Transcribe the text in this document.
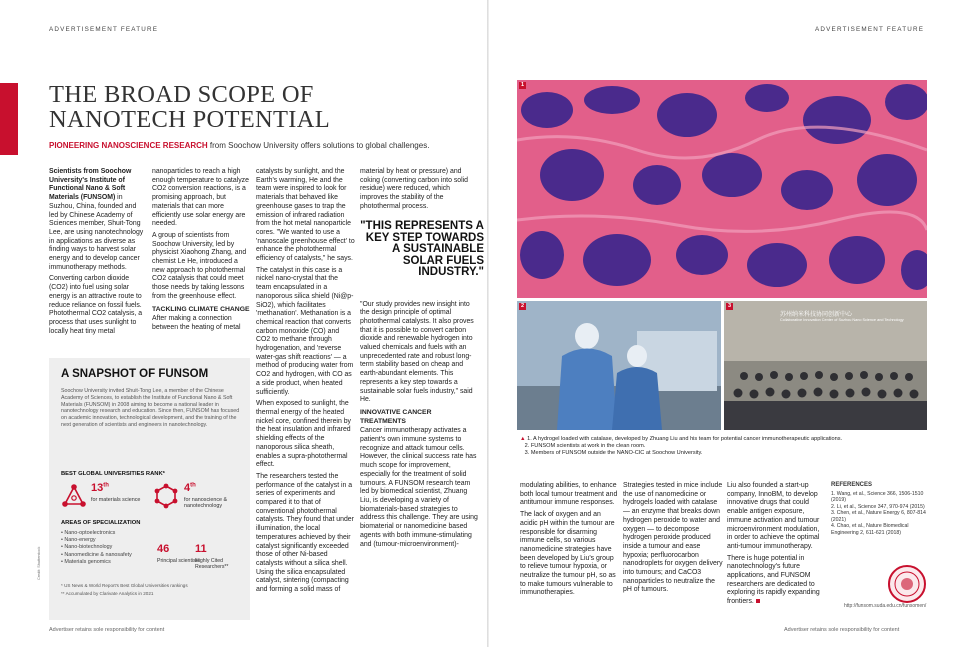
ADVERTISEMENT FEATURE	ADVERTISEMENT FEATURE
THE BROAD SCOPE OF
NANOTECH POTENTIAL

PIONEERING NANOSCIENCE RESEARCH from Soochow University offers solutions to global challenges.

Scientists from Soochow University's Institute of Functional Nano & Soft Materials (FUNSOM) in Suzhou, China, founded and led by Chinese Academy of Sciences member, Shuit-Tong Lee, are using nanotechnology in applications as diverse as finding ways to harvest solar energy and to develop cancer immunotherapy methods.

Converting carbon dioxide (CO2) into fuel using solar energy is an attractive route to reduce reliance on fossil fuels. Photothermal CO2 catalysis, a process that uses sunlight to locally heat tiny metal

nanoparticles to reach a high enough temperature to catalyze CO2 conversion reactions, is a promising approach, but materials that can more efficiently use solar energy are needed.

A group of scientists from Soochow University, led by physicist Xiaohong Zhang, and chemist Le He, introduced a new approach to photothermal CO2 catalysis that could meet those needs by taking lessons from the greenhouse effect.

TACKLING CLIMATE CHANGE

After making a connection between the heating of metal

catalysts by sunlight, and the Earth's warming, He and the team were inspired to look for materials that behaved like greenhouse gases to trap the emission of infrared radiation from the hot metal nanoparticle cores. "We wanted to use a 'nanoscale greenhouse effect' to enhance the photothermal efficiency of catalysts," he says.

The catalyst in this case is a nickel nano-crystal that the team encapsulated in a nanoporous silica shield (Ni@p-SiO2), which facilitates 'methanation'. Methanation is a chemical reaction that converts carbon monoxide (CO) and CO2 to methane through hydrogenation, and 'reverse water-gas shift reactions' — a method of producing water from CO2 and hydrogen, with CO as a side product, when heated sufficiently.

When exposed to sunlight, the thermal energy of the heated nickel core, confined therein by the heat insulation and infrared shielding effects of the nanoporous silica sheath, enables a supra-photothermal effect.

The researchers tested the performance of the catalyst in a series of experiments and compared it to that of conventional photothermal catalysts. They found that under illumination, the local temperatures achieved by their catalyst significantly exceeded those of other Ni-based catalysts without a silica shell. Using the silica encapsulated catalyst, sintering (compacting and forming a solid mass of

material by heat or pressure) and coking (converting carbon into solid residue) were reduced, which improves the stability of the photothermal process.

"Our study provides new insight into the design principle of optimal photothermal catalysts. It also proves that it is possible to convert carbon dioxide and renewable hydrogen into valued chemicals and fuels with an unprecedented rate and robust long-term stability based on cheap and earth-abundant elements. This represents a key step towards a sustainable solar fuels industry," said He.

INNOVATIVE CANCER TREATMENTS

Cancer immunotherapy activates a patient's own immune systems to recognize and attack tumour cells. However, the clinical success rate has much scope for improvement, especially for the treatment of solid tumours. A FUNSOM research team led by biomedical scientist, Zhuang Liu, is developing a variety of biomaterials-based strategies to address this challenge. They are using biomaterial or nanomedicine based agents with both immune-stimulating and (tumour-microenvironment)-

"THIS REPRESENTS A KEY STEP TOWARDS A SUSTAINABLE SOLAR FUELS INDUSTRY."
A SNAPSHOT OF FUNSOM

Soochow University invited Shuit-Tong Lee, a member of the Chinese Academy of Sciences, to establish the Institute of Functional Nano & Soft Materials (FUNSOM) in 2008 aiming to become a national leader in nanotechnology research and education. Since then, FUNSOM has focused on academic innovation, technological development, and the training of the next generation of scientists and engineers in nanotechnology.

BEST GLOBAL UNIVERSITIES RANK*
13th
for materials science
4th
for nanoscience & nanotechnology
AREAS OF SPECIALIZATION
• Nano-optoelectronics
• Nano-energy
• Nano-biotechnology
• Nanomedicine & nanosafety
• Materials genomics
46
Principal scientists
11
Highly Cited Researchers**

* US News & World Report's Best Global Universities rankings

** Accumulated by Clarivate Analytics in 2021

Credit: Shutterstock
1
2
苏州纳米科技协同创新中心
Collaborative Innovation Center of Suzhou Nano Science and Technology
3
▲ 1. A hydrogel loaded with catalase, developed by Zhuang Liu and his team for potential cancer immunotherapeutic applications.
2. FUNSOM scientists at work in the clean room.
3. Members of FUNSOM outside the NANO-CIC at Soochow University.

modulating abilities, to enhance both local tumour treatment and antitumour immune responses.

The lack of oxygen and an acidic pH within the tumour are responsible for disarming immune cells, so various nanomedicine strategies have been developed by Liu's group to relieve tumour hypoxia, or neutralize the tumour pH, so as to make tumours vulnerable to immunotherapies.

Strategies tested in mice include the use of nanomedicine or hydrogels loaded with catalase — an enzyme that breaks down hydrogen peroxide to water and oxygen — to decompose hydrogen peroxide produced inside a tumour and ease hypoxia; perfluorocarbon nanodroplets for oxygen delivery into tumours; and CaCO3 nanoparticles to neutralize the pH of tumours.

Liu also founded a start-up company, InnoBM, to develop innovative drugs that could enable antigen exposure, immune activation and tumour microenvironment modulation, in order to achieve the optimal anti-tumour immunotherapy.

There is huge potential in nanotechnology's future applications, and FUNSOM researchers are dedicated to exploring its rapidly expanding frontiers.

REFERENCES
1. Wang, et al., Science 366, 1506-1510 (2019)
2. Li, et al., Science 347, 970-974 (2015)
3. Chen, et al., Nature Energy 6, 807-814 (2021)
4. Chao, et al., Nature Biomedical Engineering 2, 611-621 (2018)
http://funsom.suda.edu.cn/funsomen/
Advertiser retains sole responsibility for content	Advertiser retains sole responsibility for content
